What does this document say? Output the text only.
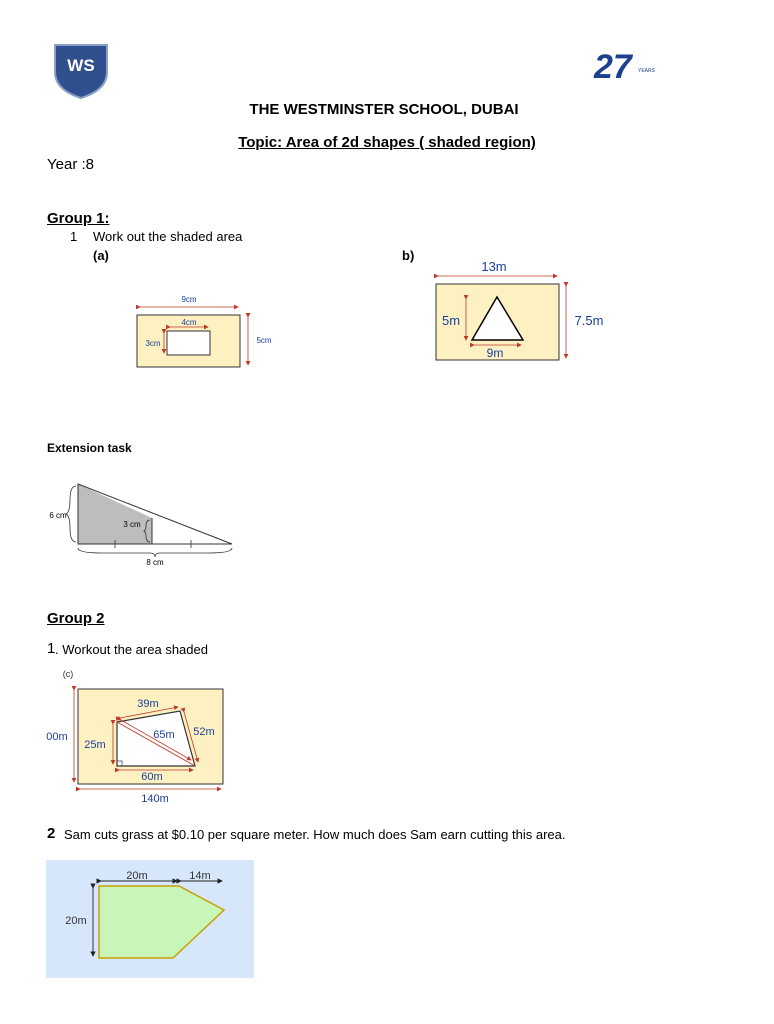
WS	27	YEARS
THE WESTMINSTER SCHOOL, DUBAI
Topic: Area of 2d shapes ( shaded region)
Year :8
Group 1:
1 Work out the shaded area
(a)	b)
9cm
4cm
3cm	5cm
13m
5m
9m
7.5m
Extension task
6 cm
3 cm
8 cm
Group 2
1 . Workout the area shaded
(c)
00m
39m
65m 52m
25m
60m
140m
2 Sam cuts grass at $0.10 per square meter. How much does Sam earn cutting this area.
20m	14m
20m
